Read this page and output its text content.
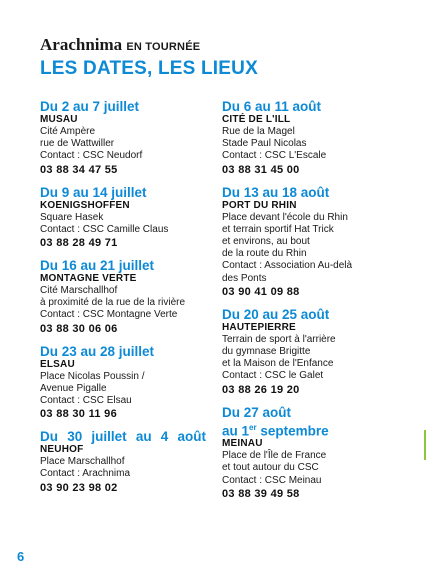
Arachnima EN TOURNÉE
LES DATES, LES LIEUX
Du 2 au 7 juillet
MUSAU
Cité Ampère
rue de Wattwiller
Contact : CSC Neudorf
03 88 34 47 55
Du 9 au 14 juillet
KOENIGSHOFFEN
Square Hasek
Contact : CSC Camille Claus
03 88 28 49 71
Du 16 au 21 juillet
MONTAGNE VERTE
Cité Marschallhof
à proximité de la rue de la rivière
Contact : CSC Montagne Verte
03 88 30 06 06
Du 23 au 28 juillet
ELSAU
Place Nicolas Poussin /
Avenue Pigalle
Contact : CSC Elsau
03 88 30 11 96
Du 30 juillet au 4 août
NEUHOF
Place Marschallhof
Contact : Arachnima
03 90 23 98 02
Du 6 au 11 août
CITÉ DE L'ILL
Rue de la Magel
Stade Paul Nicolas
Contact : CSC L'Escale
03 88 31 45 00
Du 13 au 18 août
PORT DU RHIN
Place devant l'école du Rhin
et terrain sportif Hat Trick
et environs, au bout
de la route du Rhin
Contact : Association Au-delà
des Ponts
03 90 41 09 88
Du 20 au 25 août
HAUTEPIERRE
Terrain de sport à l'arrière
du gymnase Brigitte
et la Maison de l'Enfance
Contact : CSC le Galet
03 88 26 19 20
Du 27 août
au 1er septembre
MEINAU
Place de l'Île de France
et tout autour du CSC
Contact : CSC Meinau
03 88 39 49 58
6
